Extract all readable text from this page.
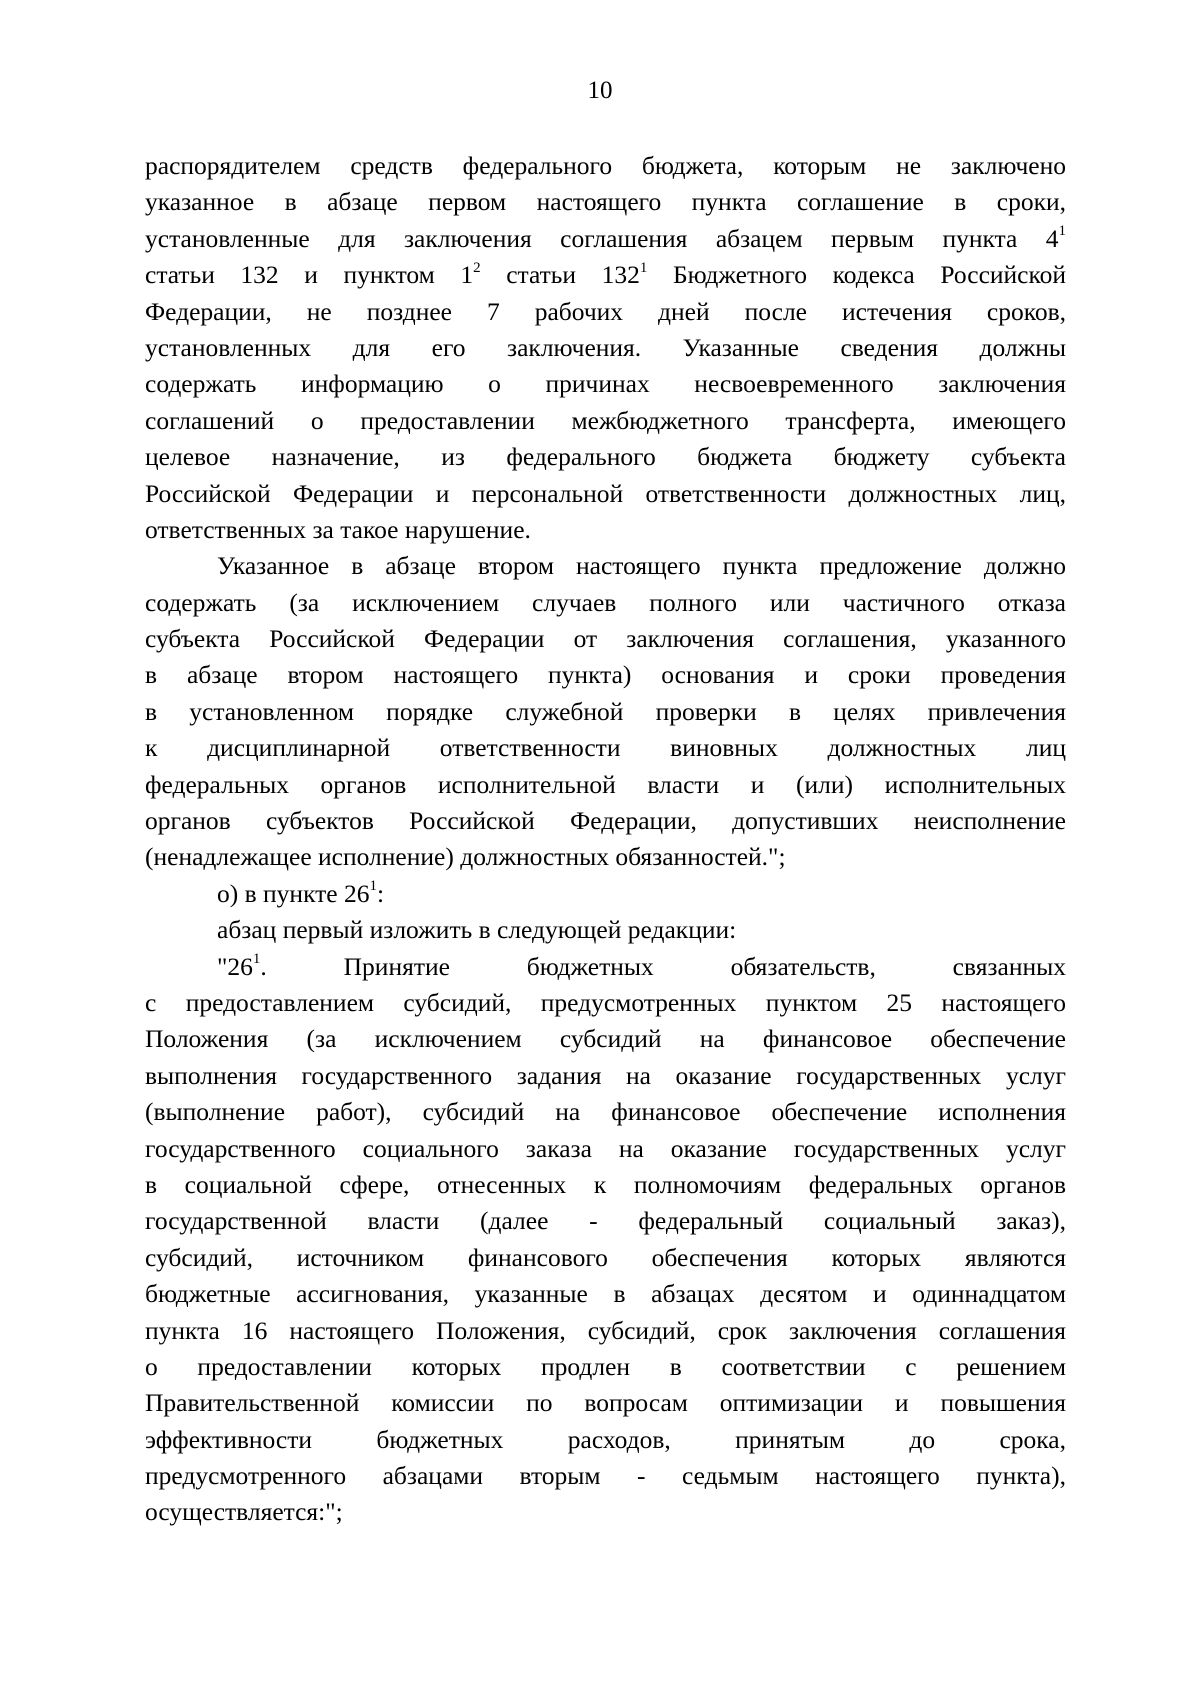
10
распорядителем средств федерального бюджета, которым не заключено
указанное в абзаце первом настоящего пункта соглашение в сроки,
установленные для заключения соглашения абзацем первым пункта $4^1$
статьи 132 и пунктом $1^2$ статьи $132^1$ Бюджетного кодекса Российской
Федерации, не позднее 7 рабочих дней после истечения сроков,
установленных для его заключения. Указанные сведения должны
содержать информацию о причинах несвоевременного заключения
соглашений о предоставлении межбюджетного трансферта, имеющего
целевое назначение, из федерального бюджета бюджету субъекта
Российской Федерации и персональной ответственности должностных лиц,
ответственных за такое нарушение.
Указанное в абзаце втором настоящего пункта предложение должно
содержать (за исключением случаев полного или частичного отказа
субъекта Российской Федерации от заключения соглашения, указанного
в абзаце втором настоящего пункта) основания и сроки проведения
в установленном порядке служебной проверки в целях привлечения
к дисциплинарной ответственности виновных должностных лиц
федеральных органов исполнительной власти и (или) исполнительных
органов субъектов Российской Федерации, допустивших неисполнение
(ненадлежащее исполнение) должностных обязанностей.";
о) в пункте $26^1$:
абзац первый изложить в следующей редакции:
"$26^1$. Принятие бюджетных обязательств, связанных
с предоставлением субсидий, предусмотренных пунктом 25 настоящего
Положения (за исключением субсидий на финансовое обеспечение
выполнения государственного задания на оказание государственных услуг
(выполнение работ), субсидий на финансовое обеспечение исполнения
государственного социального заказа на оказание государственных услуг
в социальной сфере, отнесенных к полномочиям федеральных органов
государственной власти (далее - федеральный социальный заказ),
субсидий, источником финансового обеспечения которых являются
бюджетные ассигнования, указанные в абзацах десятом и одиннадцатом
пункта 16 настоящего Положения, субсидий, срок заключения соглашения
о предоставлении которых продлен в соответствии с решением
Правительственной комиссии по вопросам оптимизации и повышения
эффективности бюджетных расходов, принятым до срока,
предусмотренного абзацами вторым - седьмым настоящего пункта),
осуществляется:";
